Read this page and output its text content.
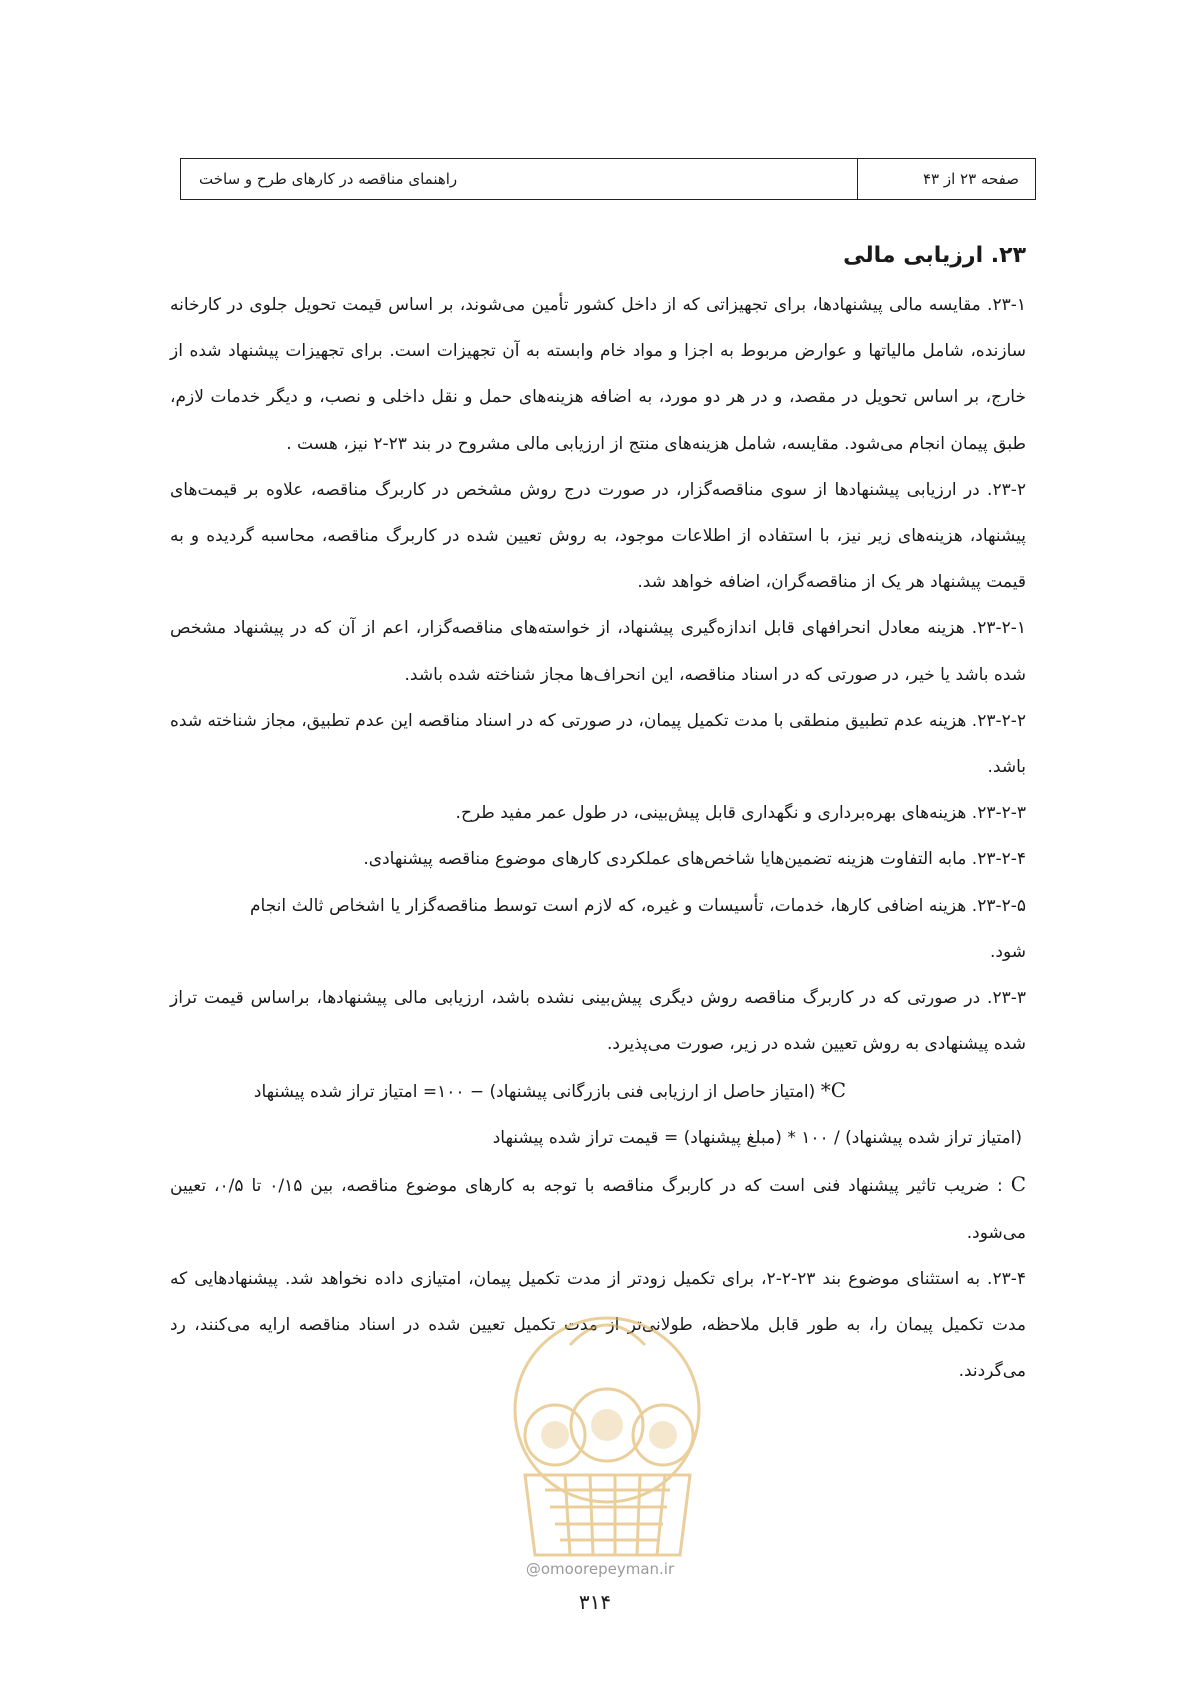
صفحه ۲۳ از ۴۳
راهنمای مناقصه در کارهای طرح و ساخت
۲۳. ارزیابی مالی

۲۳-۱. مقایسه مالی پیشنهادها، برای تجهیزاتی که از داخل کشور تأمین می‌شوند، بر اساس قیمت تحویل جلوی در کارخانه سازنده، شامل مالیاتها و عوارض مربوط به اجزا و مواد خام وابسته به آن تجهیزات است. برای تجهیزات پیشنهاد شده از خارج، بر اساس تحویل در مقصد، و در هر دو مورد، به اضافه هزینه‌های حمل و نقل داخلی و نصب، و دیگر خدمات لازم، طبق پیمان انجام می‌شود. مقایسه، شامل هزینه‌های منتج از ارزیابی مالی مشروح در بند ۲۳-۲ نیز، هست .

۲۳-۲. در ارزیابی پیشنهادها از سوی مناقصه‌گزار، در صورت درج روش مشخص در کاربرگ مناقصه، علاوه بر قیمت‌های پیشنهاد، هزینه‌های زیر نیز، با استفاده از اطلاعات موجود، به روش تعیین شده در کاربرگ مناقصه، محاسبه گردیده و به قیمت پیشنهاد هر یک از مناقصه‌گران، اضافه خواهد شد.

۲۳-۲-۱. هزینه معادل انحرافهای قابل اندازه‌گیری پیشنهاد، از خواسته‌های مناقصه‌گزار، اعم از آن که در پیشنهاد مشخص شده باشد یا خیر، در صورتی که در اسناد مناقصه، این انحراف‌ها مجاز شناخته شده باشد.

۲۳-۲-۲. هزینه عدم تطبیق منطقی با مدت تکمیل پیمان، در صورتی که در اسناد مناقصه این عدم تطبیق، مجاز شناخته شده باشد.

۲۳-۲-۳. هزینه‌های بهره‌برداری و نگهداری قابل پیش‌بینی، در طول عمر مفید طرح.

۲۳-۲-۴. مابه التفاوت هزینه تضمین‌هایا شاخص‌های عملکردی کارهای موضوع مناقصه پیشنهادی.

۲۳-۲-۵. هزینه اضافی کارها، خدمات، تأسیسات و غیره، که لازم است توسط مناقصه‌گزار یا اشخاص ثالث انجام شود.

۲۳-۳. در صورتی که در کاربرگ مناقصه روش دیگری پیش‌بینی نشده باشد، ارزیابی مالی پیشنهادها، براساس قیمت تراز شده پیشنهادی به روش تعیین شده در زیر، صورت می‌پذیرد.

C* (امتیاز حاصل از ارزیابی فنی بازرگانی پیشنهاد) − ۱۰۰= امتیاز تراز شده پیشنهاد

(امتیاز تراز شده پیشنهاد) / ۱۰۰ * (مبلغ پیشنهاد) = قیمت تراز شده پیشنهاد

C : ضریب تاثیر پیشنهاد فنی است که در کاربرگ مناقصه با توجه به کارهای موضوع مناقصه، بین ۰/۱۵ تا ۰/۵، تعیین می‌شود.

۲۳-۴. به استثنای موضوع بند ۲۳-۲-۲، برای تکمیل زودتر از مدت تکمیل پیمان، امتیازی داده نخواهد شد. پیشنهادهایی که مدت تکمیل پیمان را، به طور قابل ملاحظه، طولانی‌تر از مدت تکمیل تعیین شده در اسناد مناقصه ارایه می‌کنند، رد می‌گردند.

@omoorepeyman.ir
۳۱۴
